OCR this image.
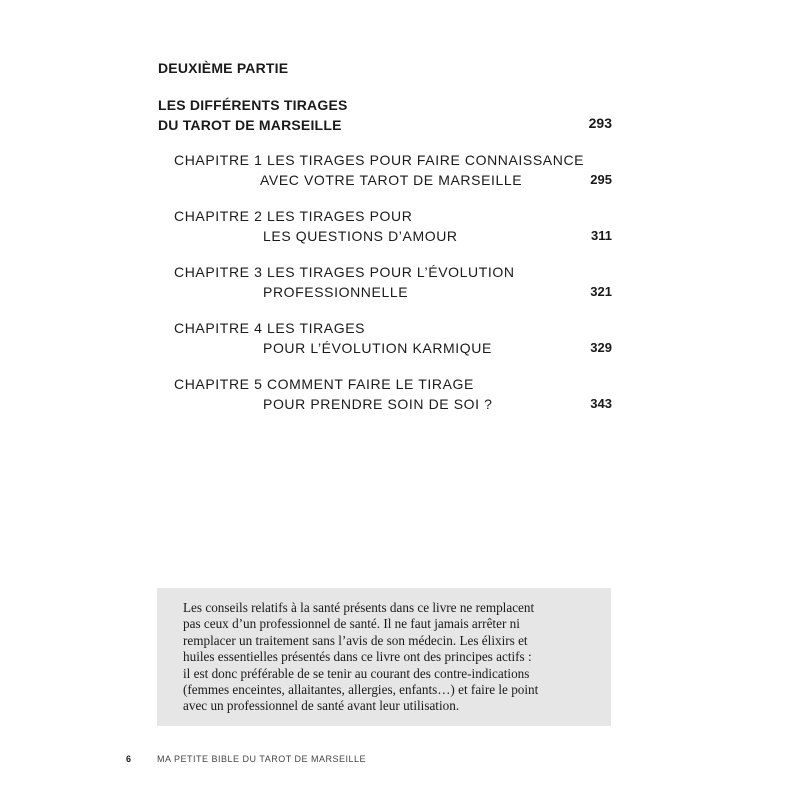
DEUXIÈME PARTIE
LES DIFFÉRENTS TIRAGES
DU TAROT DE MARSEILLE	293
CHAPITRE 1 LES TIRAGES POUR FAIRE CONNAISSANCE
AVEC VOTRE TAROT DE MARSEILLE	295
CHAPITRE 2 LES TIRAGES POUR
LES QUESTIONS D’AMOUR	311
CHAPITRE 3 LES TIRAGES POUR L’ÉVOLUTION
PROFESSIONNELLE	321
CHAPITRE 4 LES TIRAGES
POUR L’ÉVOLUTION KARMIQUE	329
CHAPITRE 5 COMMENT FAIRE LE TIRAGE
POUR PRENDRE SOIN DE SOI ?	343
Les conseils relatifs à la santé présents dans ce livre ne remplacent
pas ceux d’un professionnel de santé. Il ne faut jamais arrêter ni
remplacer un traitement sans l’avis de son médecin. Les élixirs et
huiles essentielles présentés dans ce livre ont des principes actifs :
il est donc préférable de se tenir au courant des contre-indications
(femmes enceintes, allaitantes, allergies, enfants…) et faire le point
avec un professionnel de santé avant leur utilisation.
6	MA PETITE BIBLE DU TAROT DE MARSEILLE
